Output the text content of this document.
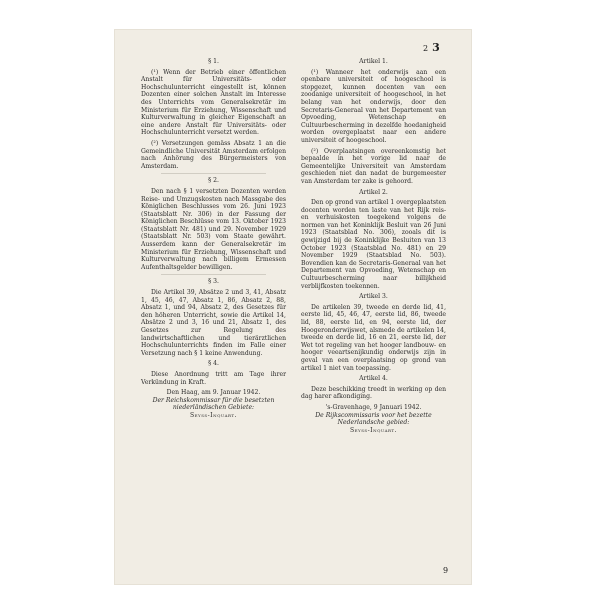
2 3
§ 1.

(¹) Wenn der Betrieb einer öffentlichen Anstalt für Universitäts- oder Hochschulunterricht eingestellt ist, können Dozenten einer solchen Anstalt im Interesse des Unterrichts vom Generalsekretär im Ministerium für Erziehung, Wissenschaft und Kulturverwaltung in gleicher Eigenschaft an eine andere Anstalt für Universitäts- oder Hochschulunterricht versetzt werden.

(²) Versetzungen gemäss Absatz 1 an die Gemeindliche Universität Amsterdam erfolgen nach Anhörung des Bürgermeisters von Amsterdam.

§ 2.

Den nach § 1 versetzten Dozenten werden Reise- und Umzugskosten nach Massgabe des Königlichen Beschlusses vom 26. Juni 1923 (Staatsblatt Nr. 306) in der Fassung der Königlichen Beschlüsse vom 13. Oktober 1923 (Staatsblatt Nr. 481) und 29. November 1929 (Staatsblatt Nr. 503) vom Staate gewährt. Ausserdem kann der Generalsekretär im Ministerium für Erziehung, Wissenschaft und Kulturverwaltung nach billigem Ermessen Aufenthaltsgelder bewilligen.

§ 3.

Die Artikel 39, Absätze 2 und 3, 41, Absatz 1, 45, 46, 47, Absatz 1, 86, Absatz 2, 88, Absatz 1, und 94, Absatz 2, des Gesetzes für den höheren Unterricht, sowie die Artikel 14, Absätze 2 und 3, 16 und 21, Absatz 1, des Gesetzes zur Regelung des landwirtschaftlichen und tierärztlichen Hochschulunterrichts finden im Falle einer Versetzung nach § 1 keine Anwendung.

§ 4.

Diese Anordnung tritt am Tage ihrer Verkündung in Kraft.

Den Haag, am 9. Januar 1942.

Der Reichskommissar für die besetzten niederländischen Gebiete:

Seyss-Inquart.

Artikel 1.

(¹) Wanneer het onderwijs aan een openbare universiteit of hoogeschool is stopgezet, kunnen docenten van een zoodanige universiteit of hoogeschool, in het belang van het onderwijs, door den Secretaris-Generaal van het Departement van Opvoeding, Wetenschap en Cultuurbescherming in dezelfde hoedanigheid worden overgeplaatst naar een andere universiteit of hoogeschool.

(²) Overplaatsingen overeenkomstig het bepaalde in het vorige lid naar de Gemeentelijke Universiteit van Amsterdam geschieden niet dan nadat de burgemeester van Amsterdam ter zake is gehoord.

Artikel 2.

Den op grond van artikel 1 overgeplaatsten docenten worden ten laste van het Rijk reis- en verhuiskosten toegekend volgens de normen van het Koninklijk Besluit van 26 Juni 1923 (Staatsblad No. 306), zooals dit is gewijzigd bij de Koninklijke Besluiten van 13 October 1923 (Staatsblad No. 481) en 29 November 1929 (Staatsblad No. 503). Bovendien kan de Secretaris-Generaal van het Departement van Opvoeding, Wetenschap en Cultuurbescherming naar billijkheid verblijfkosten toekennen.

Artikel 3.

De artikelen 39, tweede en derde lid, 41, eerste lid, 45, 46, 47, eerste lid, 86, tweede lid, 88, eerste lid, en 94, eerste lid, der Hoogeronderwijswet, alsmede de artikelen 14, tweede en derde lid, 16 en 21, eerste lid, der Wet tot regeling van het hooger landbouw- en hooger veeartsenijkundig onderwijs zijn in geval van een overplaatsing op grond van artikel 1 niet van toepassing.

Artikel 4.

Deze beschikking treedt in werking op den dag harer afkondiging.

's-Gravenhage, 9 Januari 1942.

De Rijkscommissaris voor het bezette Nederlandsche gebied:

Seyss-Inquart.

9
